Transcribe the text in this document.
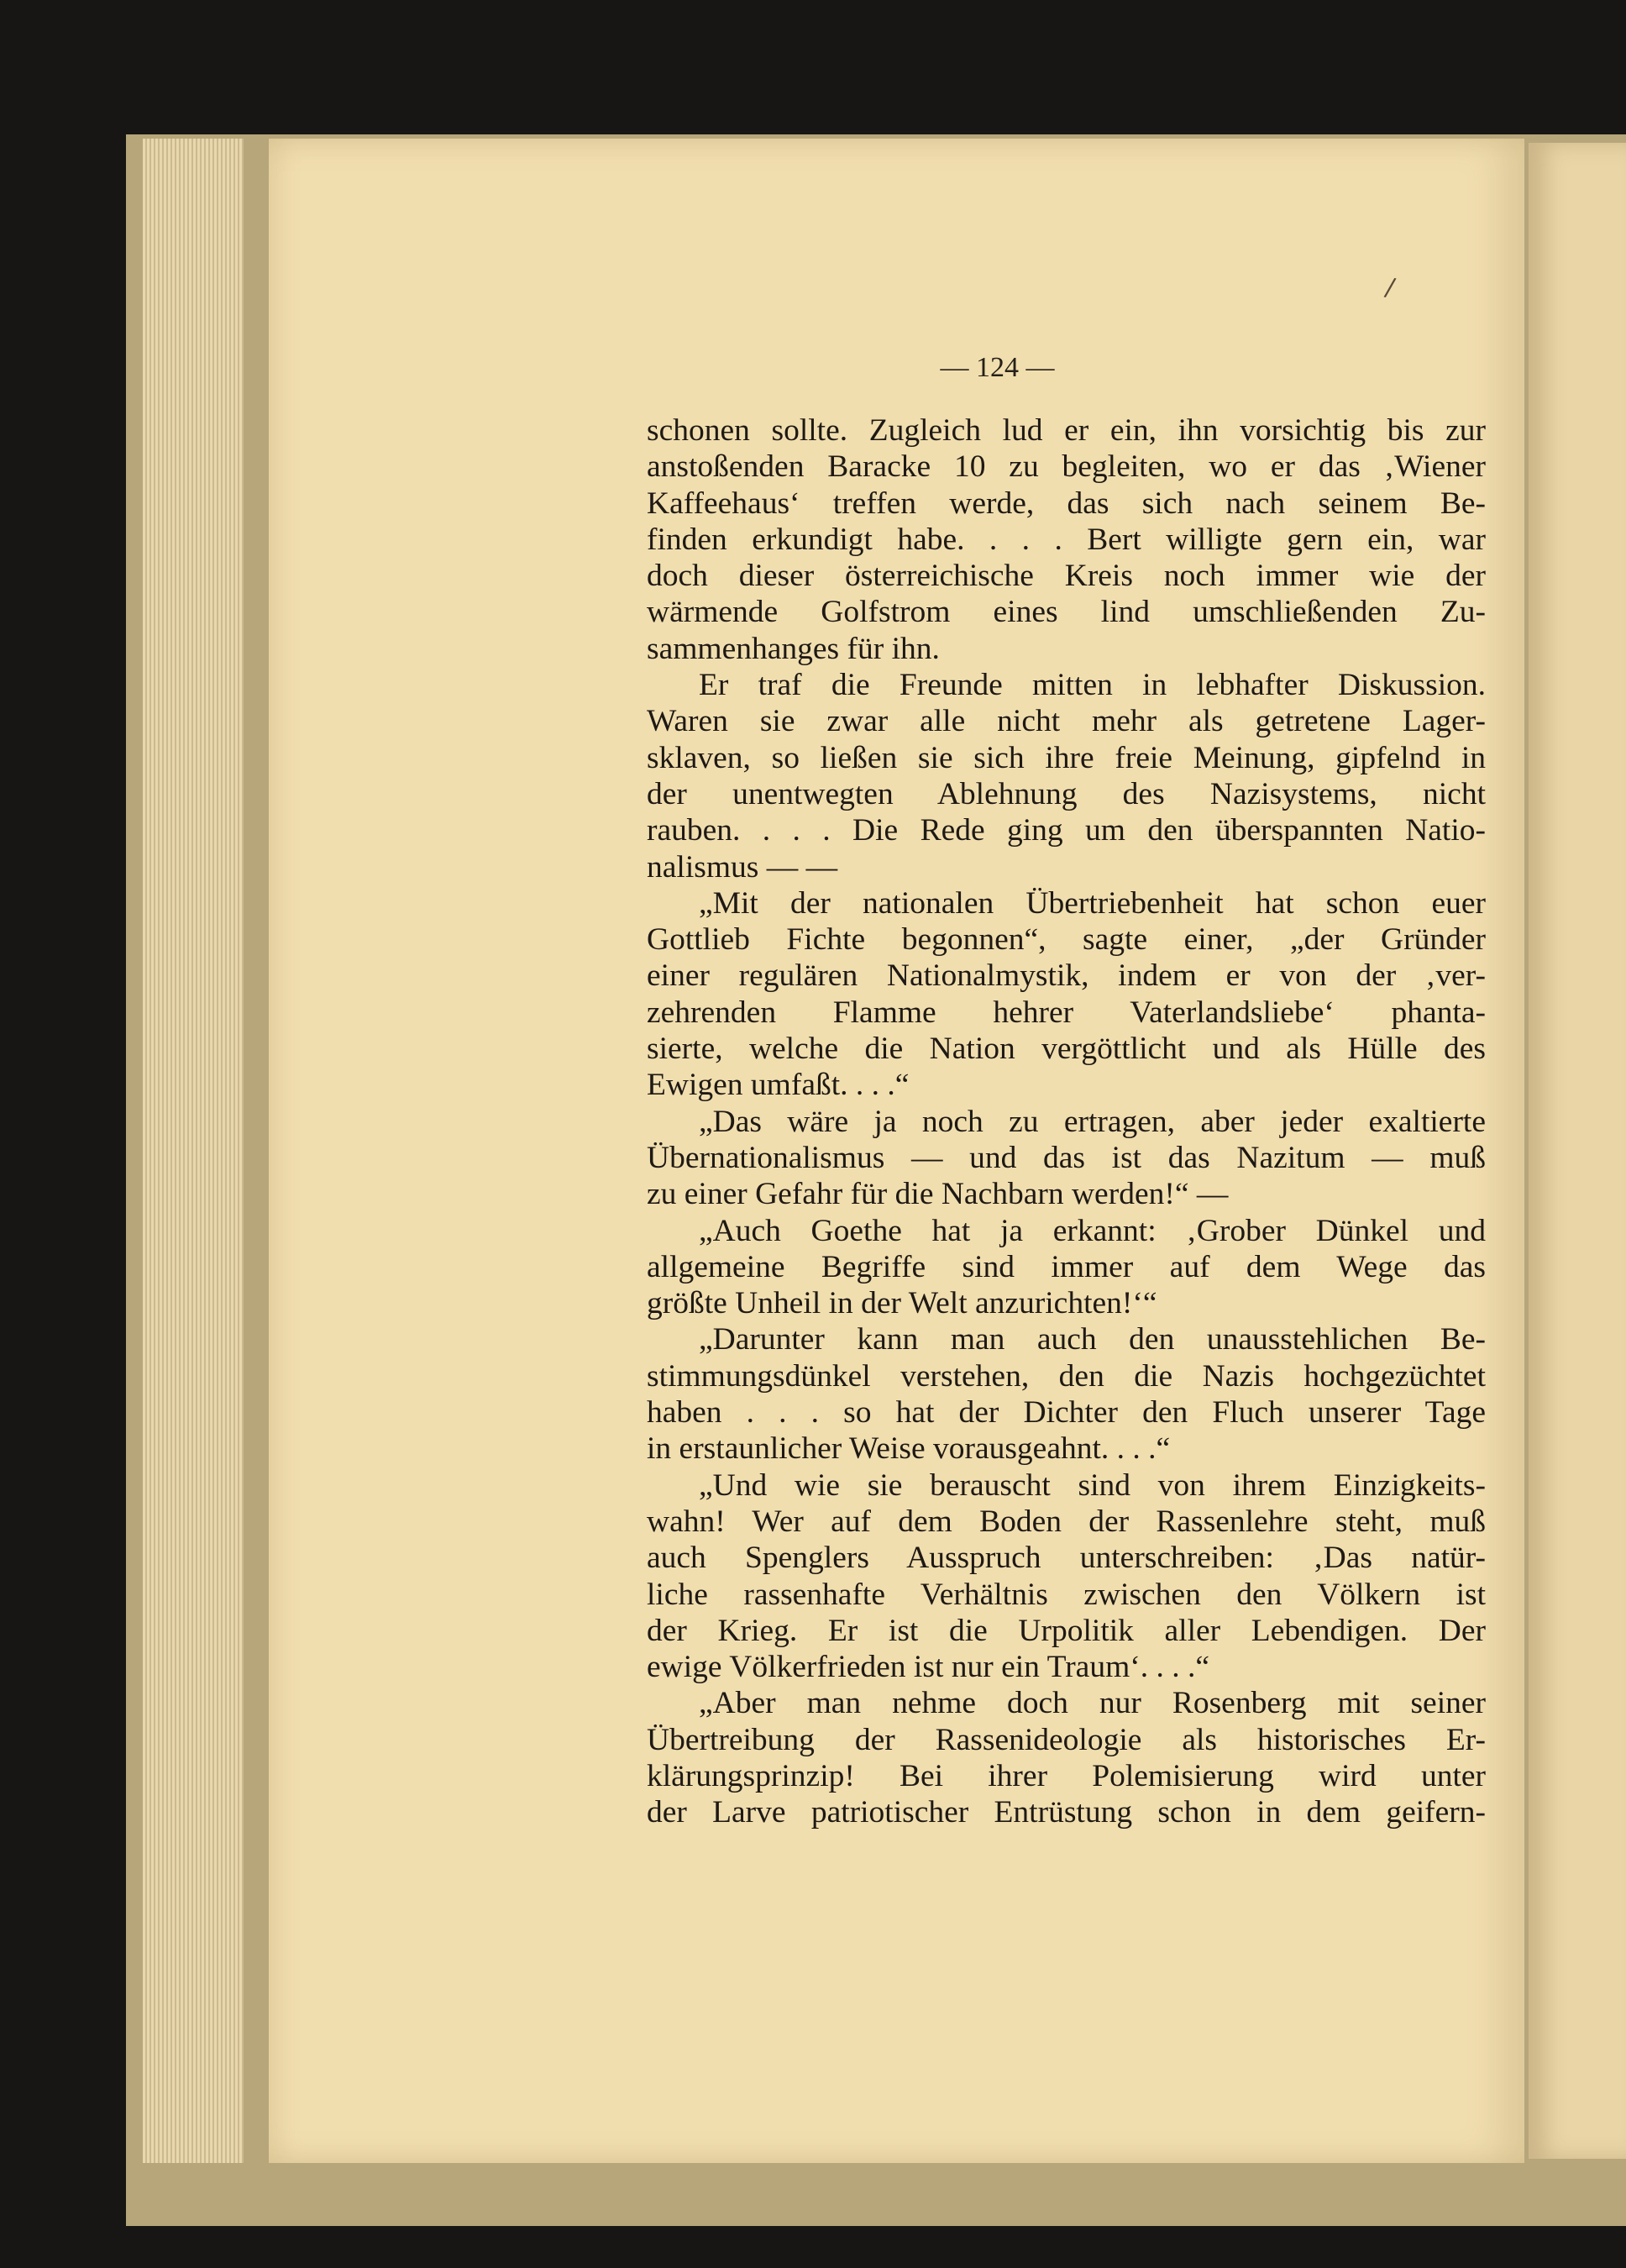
— 124 —
schonen sollte. Zugleich lud er ein, ihn vorsichtig bis zur
anstoßenden Baracke 10 zu begleiten, wo er das ‚Wiener
Kaffeehaus‘ treffen werde, das sich nach seinem Be-
finden erkundigt habe. . . . Bert willigte gern ein, war
doch dieser österreichische Kreis noch immer wie der
wärmende Golfstrom eines lind umschließenden Zu-
sammenhanges für ihn.
Er traf die Freunde mitten in lebhafter Diskussion.
Waren sie zwar alle nicht mehr als getretene Lager-
sklaven, so ließen sie sich ihre freie Meinung, gipfelnd in
der unentwegten Ablehnung des Nazisystems, nicht
rauben. . . . Die Rede ging um den überspannten Natio-
nalismus — —
„Mit der nationalen Übertriebenheit hat schon euer
Gottlieb Fichte begonnen“, sagte einer, „der Gründer
einer regulären Nationalmystik, indem er von der ‚ver-
zehrenden Flamme hehrer Vaterlandsliebe‘ phanta-
sierte, welche die Nation vergöttlicht und als Hülle des
Ewigen umfaßt. . . .“
„Das wäre ja noch zu ertragen, aber jeder exaltierte
Übernationalismus — und das ist das Nazitum — muß
zu einer Gefahr für die Nachbarn werden!“ —
„Auch Goethe hat ja erkannt: ‚Grober Dünkel und
allgemeine Begriffe sind immer auf dem Wege das
größte Unheil in der Welt anzurichten!‘“
„Darunter kann man auch den unausstehlichen Be-
stimmungsdünkel verstehen, den die Nazis hochgezüchtet
haben . . . so hat der Dichter den Fluch unserer Tage
in erstaunlicher Weise vorausgeahnt. . . .“
„Und wie sie berauscht sind von ihrem Einzigkeits-
wahn! Wer auf dem Boden der Rassenlehre steht, muß
auch Spenglers Ausspruch unterschreiben: ‚Das natür-
liche rassenhafte Verhältnis zwischen den Völkern ist
der Krieg. Er ist die Urpolitik aller Lebendigen. Der
ewige Völkerfrieden ist nur ein Traum‘. . . .“
„Aber man nehme doch nur Rosenberg mit seiner
Übertreibung der Rassenideologie als historisches Er-
klärungsprinzip! Bei ihrer Polemisierung wird unter
der Larve patriotischer Entrüstung schon in dem geifern-
/
